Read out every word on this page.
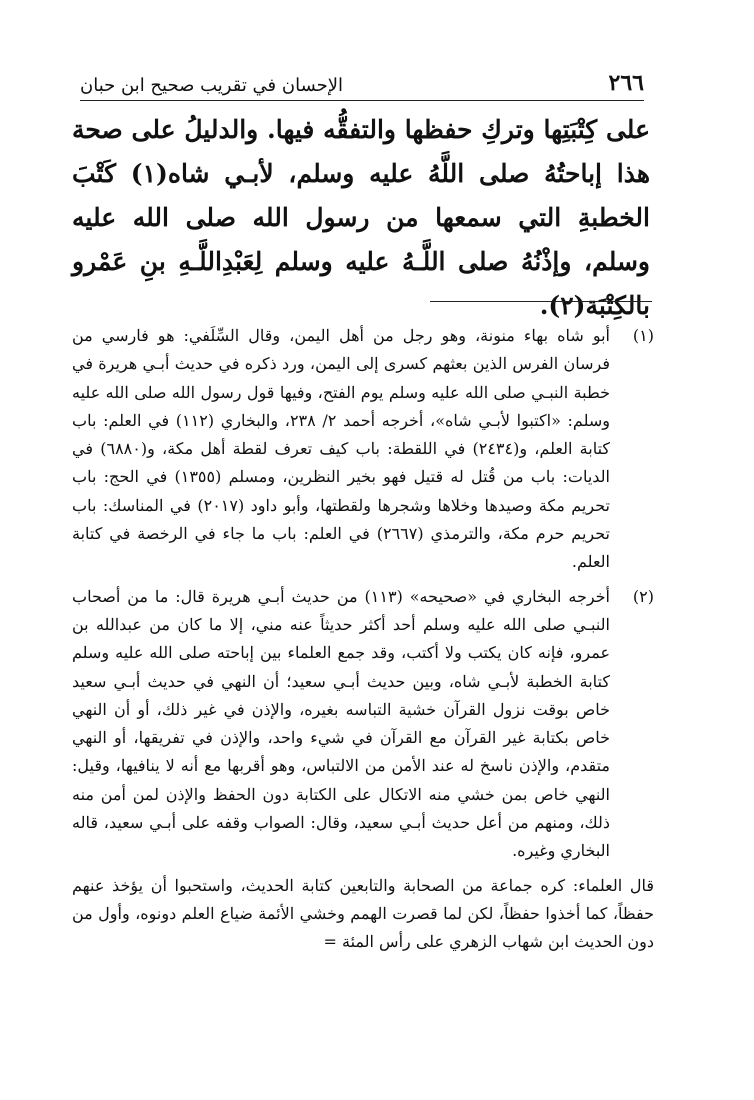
٢٦٦
الإحسان في تقريب صحيح ابن حبان
على كِتْبَتِها وتركِ حفظها والتفقُّه فيها. والدليلُ على صحة هذا إباحتُهُ صلى اللَّهُ عليه وسلم، لأبـي شاه(١) كَتْبَ الخطبةِ التي سمعها من رسول الله صلى الله عليه وسلم، وإذْنُهُ صلى اللَّـهُ عليه وسلم لِعَبْدِاللَّـهِ بنِ عَمْرو بالكِتْبَة(٢).
(١)
أبو شاه بهاء منونة، وهو رجل من أهل اليمن، وقال السِّلَفي: هو فارسي من فرسان الفرس الذين بعثهم كسرى إلى اليمن، ورد ذكره في حديث أبـي هريرة في خطبة النبـي صلى الله عليه وسلم يوم الفتح، وفيها قول رسول الله صلى الله عليه وسلم: «اكتبوا لأبـي شاه»، أخرجه أحمد ٢/ ٢٣٨، والبخاري (١١٢) في العلم: باب كتابة العلم، و(٢٤٣٤) في اللقطة: باب كيف تعرف لقطة أهل مكة، و(٦٨٨٠) في الديات: باب من قُتل له قتيل فهو بخير النظرين، ومسلم (١٣٥٥) في الحج: باب تحريم مكة وصيدها وخلاها وشجرها ولقطتها، وأبو داود (٢٠١٧) في المناسك: باب تحريم حرم مكة، والترمذي (٢٦٦٧) في العلم: باب ما جاء في الرخصة في كتابة العلم.
(٢)
أخرجه البخاري في «صحيحه» (١١٣) من حديث أبـي هريرة قال: ما من أصحاب النبـي صلى الله عليه وسلم أحد أكثر حديثاً عنه مني، إلا ما كان من عبدالله بن عمرو، فإنه كان يكتب ولا أكتب، وقد جمع العلماء بين إباحته صلى الله عليه وسلم كتابة الخطبة لأبـي شاه، وبين حديث أبـي سعيد؛ أن النهي في حديث أبـي سعيد خاص بوقت نزول القرآن خشية التباسه بغيره، والإذن في غير ذلك، أو أن النهي خاص بكتابة غير القرآن مع القرآن في شيء واحد، والإذن في تفريقها، أو النهي متقدم، والإذن ناسخ له عند الأمن من الالتباس، وهو أقربها مع أنه لا ينافيها، وقيل: النهي خاص بمن خشي منه الاتكال على الكتابة دون الحفظ والإذن لمن أمن منه ذلك، ومنهم من أعل حديث أبـي سعيد، وقال: الصواب وقفه على أبـي سعيد، قاله البخاري وغيره.
قال العلماء: كره جماعة من الصحابة والتابعين كتابة الحديث، واستحبوا أن يؤخذ عنهم حفظاً، كما أخذوا حفظاً، لكن لما قصرت الهمم وخشي الأئمة ضياع العلم دونوه، وأول من دون الحديث ابن شهاب الزهري على رأس المئة =
